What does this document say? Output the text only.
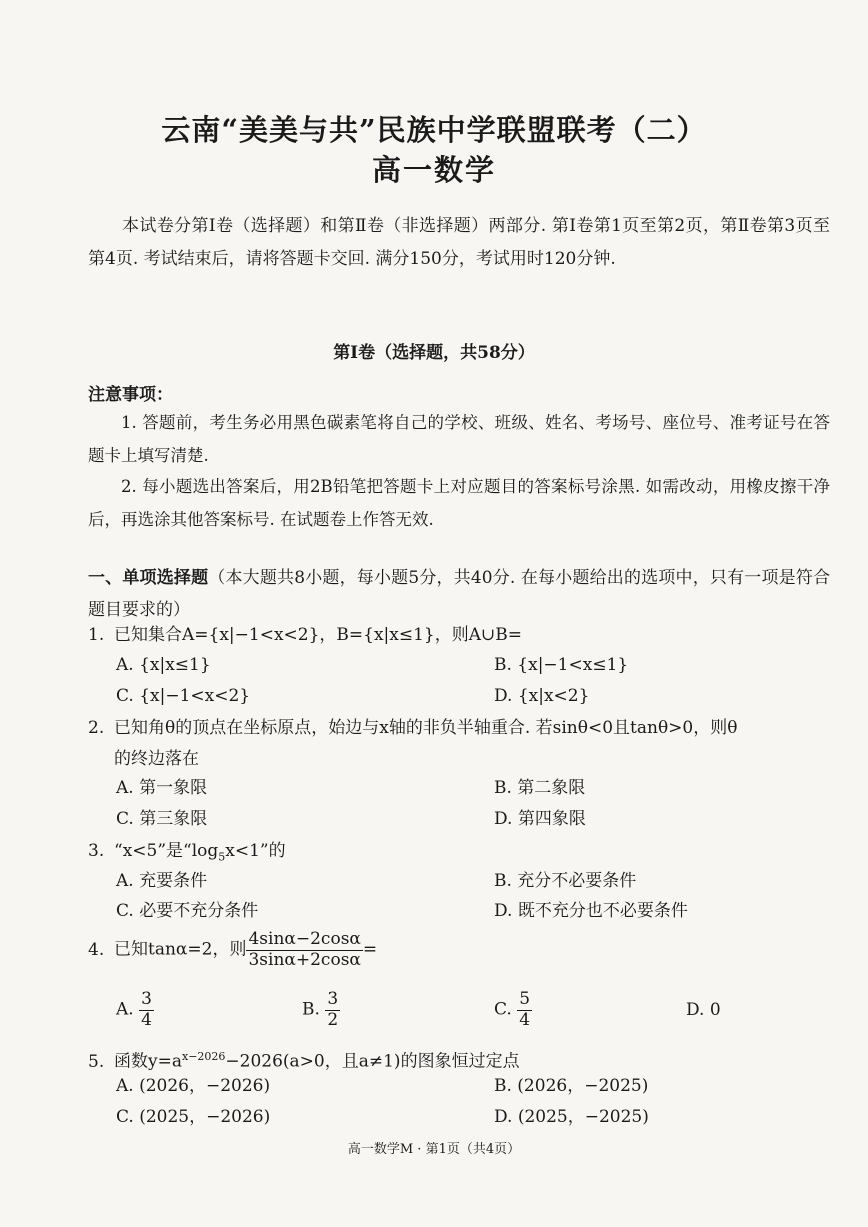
云南“美美与共”民族中学联盟联考（二）
高一数学
本试卷分第Ⅰ卷（选择题）和第Ⅱ卷（非选择题）两部分. 第Ⅰ卷第1页至第2页，第Ⅱ卷第3页至第4页. 考试结束后，请将答题卡交回. 满分150分，考试用时120分钟.
第Ⅰ卷（选择题，共58分）
注意事项：
1. 答题前，考生务必用黑色碳素笔将自己的学校、班级、姓名、考场号、座位号、准考证号在答题卡上填写清楚.
2. 每小题选出答案后，用2B铅笔把答题卡上对应题目的答案标号涂黑. 如需改动，用橡皮擦干净后，再选涂其他答案标号. 在试题卷上作答无效.
一、单项选择题（本大题共8小题，每小题5分，共40分. 在每小题给出的选项中，只有一项是符合题目要求的）
1. 已知集合A={x|−1<x<2}，B={x|x≤1}，则A∪B=
A. {x|x≤1}	B. {x|−1<x≤1}
C. {x|−1<x<2}	D. {x|x<2}
2. 已知角θ的顶点在坐标原点，始边与x轴的非负半轴重合. 若sinθ<0且tanθ>0，则θ
的终边落在
A. 第一象限	B. 第二象限
C. 第三象限	D. 第四象限
3. “x<5”是“$\log_5x<1$”的
A. 充要条件	B. 充分不必要条件
C. 必要不充分条件	D. 既不充分也不必要条件
4. 已知tanα=2，则 $\frac{4\sin\alpha-2\cos\alpha}{3\sin\alpha+2\cos\alpha}$ =
A. $\frac{3}{4}$	B. $\frac{3}{2}$	C. $\frac{5}{4}$	D. 0
5. 函数$y=a^{x-2026}-2026(a>0$，且a≠1)的图象恒过定点
A. (2026，−2026)	B. (2026，−2025)
C. (2025，−2026)	D. (2025，−2025)
高一数学M · 第1页（共4页）
